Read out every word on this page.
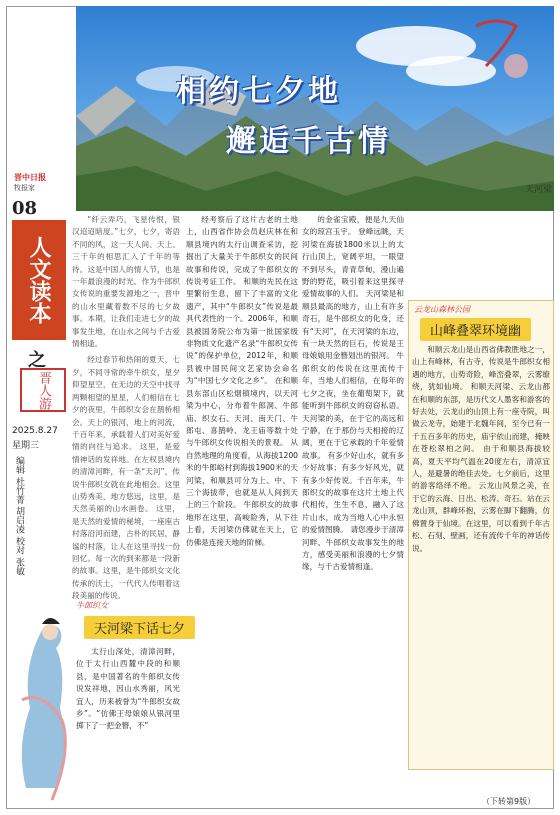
相约七夕地
邂逅千古情
天河梁
晋中日报
牧报家
08
人文读本
之
晋人游
2025.8.27
星期三
编辑 杜竹菁 胡启凌 校对 张敏

“纤云弄巧，飞星传恨，银汉迢迢暗度。”七夕，七夕，寄语不同的风，这一天人间、天上、三千年的相思汇入了千年的等待。这是中国人的情人节，也是一年最浪漫的时光。作为牛郎织女传说的重要发源地之一，晋中的山水里藏着数不尽的七夕故事。本期，让我们走进七夕的故事发生地，在山水之间与千古爱情相逢。

经过春节和热闹的夏天，七夕，不同寻常的牵牛织女，星夕仰望星空，在无边的天空中找寻两颗相望的星星，人们相信在七夕的夜里，牛郎织女会在鹊桥相会。天上的银河，地上的河流，千百年来，承载着人们对美好爱情的向往与追求。 这里，是爱情神话的发祥地。在左权县境内的清漳河畔，有一条“天河”，传说牛郎织女就在此地相会。这里山势秀美，地方悠远，这里，是天然美丽的山水画卷。 这里，是天然的爱情的秘境，一座座古村落沿河而建，古朴的民居，静谧的村落，让人在这里寻找一份回忆。每一次的到来都是一段新的故事。这里，是牛郎织女文化传承的沃土，一代代人传唱着这段美丽的传说。

经考察后了这片古老的土地上，山西省作协会员赵庆林在和顺县境内的太行山调查采访，挖掘出了大量关于牛郎织女的民间故事和传说，完成了牛郎织女的传说考证工作。 和顺的先民在这里繁衍生息，留下了丰富的文化遗产，其中“牛郎织女”传说是最具代表性的一个。2006年，和顺县被国务院公布为第一批国家级非物质文化遗产名录“牛郎织女传说”的保护单位，2012年，和顺县被中国民间文艺家协会命名为“中国七夕文化之乡”。 在和顺县东部山区松烟镇境内，以天河梁为中心，分布着牛郎洞、牛郎庙、织女石、天河、南天门、牛郎屯、喜鹊岭、龙王庙等数十处与牛郎织女传说相关的景观。 从自然地理的角度看，从海拔1200米的牛郎峪村到海拔1900米的天河梁，和顺县可分为上、中、下三个海拔带，也就是从人间到天上的三个阶段。 牛郎织女的故事地形在这里，高峻险秀，从下往上看，天河梁仿佛就在天上，它仿佛是连接天地的阶梯。

的金雀宝殿，便是九天仙女的琼宫玉宇。 登峰远眺，天河梁在海拔1800米以上的太行山顶上，宽阔平坦，一眼望不到尽头，青青草甸，漫山遍野的野花，吸引着来这里探寻爱情故事的人们。 天河梁是和顺县最高的地方，山上有许多奇石，是牛郎织女的化身，还有“天河”，在天河梁的东边，有一块天然的巨石，传说是王母娘娘用金簪划出的银河。 牛郎织女的传说在这里流传千年，当地人们相信，在每年的七夕之夜，坐在葡萄架下，就能听到牛郎织女的窃窃私语。 天河梁的美，在于它的高远和宁静，在于那份与天相接的辽阔，更在于它承载的千年爱情故事。 有多少好山水，就有多少好故事；有多少好风光，就有多少好传说。千百年来，牛郎织女的故事在这片土地上代代相传，生生不息，融入了这片山水，成为当地人心中永恒的爱情图腾。 请您漫步于清漳河畔、牛郎织女故事发生的地方，感受美丽和浪漫的七夕情缘，与千古爱情相逢。

云龙山森林公园
山峰叠翠环境幽

和顺云龙山是山西省佛教胜地之一，山上有峰林，有古寺，传说是牛郎织女相遇的地方，山势奇险，峰峦叠翠，云雾缭绕，犹如仙境。 和顺天河梁、云龙山都在和顺的东部，是历代文人墨客和游客的好去处，云龙山的山顶上有一座寺院，叫做云龙寺，始建于北魏年间，至今已有一千五百多年的历史，庙宇依山而建，掩映在苍松翠柏之间。 由于和顺县海拔较高，夏天平均气温在20度左右，清凉宜人，是避暑的绝佳去处。七夕前后，这里的游客络绎不绝。 云龙山风景之美，在于它的云海、日出、松涛、奇石。站在云龙山顶，群峰环抱，云雾在脚下翻腾，仿佛置身于仙境。在这里，可以看到千年古松、石刻、壁画，还有流传千年的神话传说。

牛郎织女
天河梁下话七夕

太行山深处，清漳河畔，位于太行山西麓中段的和顺县，是中国著名的牛郎织女传说发祥地，因山水秀丽，风光宜人，历来被誉为“牛郎织女故乡”。“仿佛王母娘娘从银河里掷下了一把金簪，不”

（下转第9版）
